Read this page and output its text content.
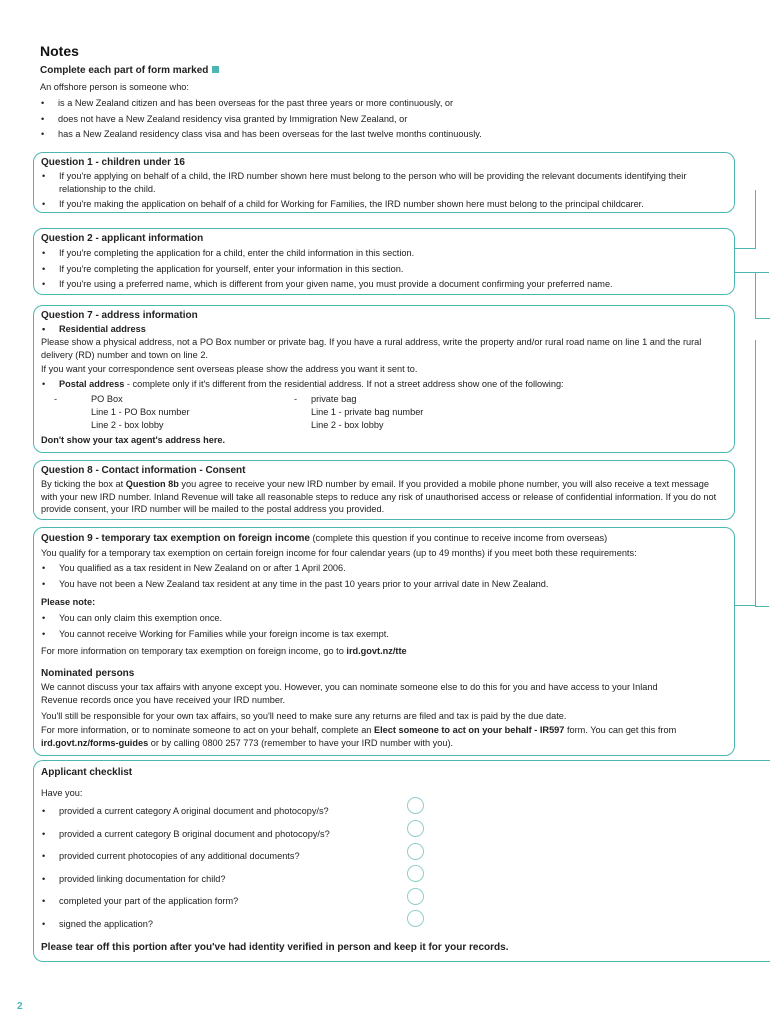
Notes
Complete each part of form marked

An offshore person is someone who:

• is a New Zealand citizen and has been overseas for the past three years or more continuously, or
• does not have a New Zealand residency visa granted by Immigration New Zealand, or
• has a New Zealand residency class visa and has been overseas for the last twelve months continuously.
Question 1 - children under 16
• If you're applying on behalf of a child, the IRD number shown here must belong to the person who will be providing the relevant documents identifying their relationship to the child.
• If you're making the application on behalf of a child for Working for Families, the IRD number shown here must belong to the principal childcarer.
Question 2 - applicant information
• If you're completing the application for a child, enter the child information in this section.
• If you're completing the application for yourself, enter your information in this section.
• If you're using a preferred name, which is different from your given name, you must provide a document confirming your preferred name.
Question 7 - address information
• Residential address

Please show a physical address, not a PO Box number or private bag. If you have a rural address, write the property and/or rural road name on line 1 and the rural delivery (RD) number and town on line 2.

If you want your correspondence sent overseas please show the address you want it sent to.

• Postal address - complete only if it's different from the residential address. If not a street address show one of the following:
-	PO Box
Line 1 - PO Box number
Line 2 - box lobby
	-	private bag
Line 1 - private bag number
Line 2 - box lobby

Don't show your tax agent's address here.

Question 8 - Contact information - Consent

By ticking the box at Question 8b you agree to receive your new IRD number by email. If you provided a mobile phone number, you will also receive a text message with your new IRD number. Inland Revenue will take all reasonable steps to reduce any risk of unauthorised access or release of confidential information. If you do not provide consent, your IRD number will be mailed to the postal address you provided.

Question 9 - temporary tax exemption on foreign income (complete this question if you continue to receive income from overseas)

You qualify for a temporary tax exemption on certain foreign income for four calendar years (up to 49 months) if you meet both these requirements:

• You qualified as a tax resident in New Zealand on or after 1 April 2006.
• You have not been a New Zealand tax resident at any time in the past 10 years prior to your arrival date in New Zealand.

Please note:

• You can only claim this exemption once.
• You cannot receive Working for Families while your foreign income is tax exempt.

For more information on temporary tax exemption on foreign income, go to ird.govt.nz/tte

Nominated persons

We cannot discuss your tax affairs with anyone except you. However, you can nominate someone else to do this for you and have access to your Inland Revenue records once you have received your IRD number.

You'll still be responsible for your own tax affairs, so you'll need to make sure any returns are filed and tax is paid by the due date.

For more information, or to nominate someone to act on your behalf, complete an Elect someone to act on your behalf - IR597 form. You can get this from ird.govt.nz/forms-guides or by calling 0800 257 773 (remember to have your IRD number with you).

Applicant checklist

Have you:

• provided a current category A original document and photocopy/s?
• provided a current category B original document and photocopy/s?
• provided current photocopies of any additional documents?
• provided linking documentation for child?
• completed your part of the application form?
• signed the application?

Please tear off this portion after you've had identity verified in person and keep it for your records.

2
